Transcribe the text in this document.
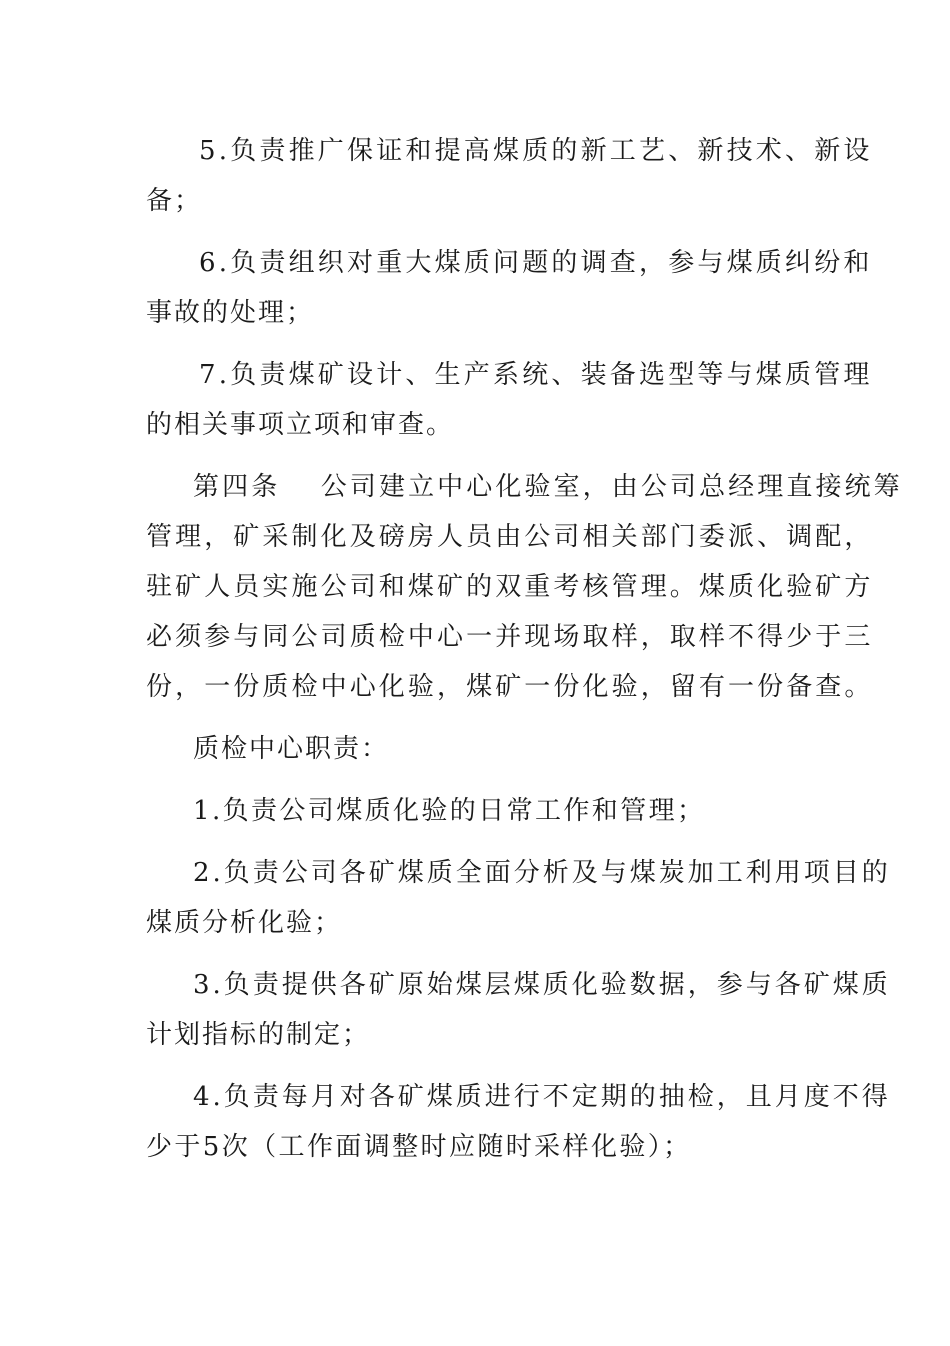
5.负责推广保证和提高煤质的新工艺、新技术、新设

备；

6.负责组织对重大煤质问题的调查，参与煤质纠纷和

事故的处理；

7.负责煤矿设计、生产系统、装备选型等与煤质管理

的相关事项立项和审查。

第四条　 公司建立中心化验室，由公司总经理直接统筹

管理，矿采制化及磅房人员由公司相关部门委派、调配，

驻矿人员实施公司和煤矿的双重考核管理。煤质化验矿方

必须参与同公司质检中心一并现场取样，取样不得少于三

份，一份质检中心化验，煤矿一份化验，留有一份备查。

质检中心职责：

1.负责公司煤质化验的日常工作和管理；

2.负责公司各矿煤质全面分析及与煤炭加工利用项目的

煤质分析化验；

3.负责提供各矿原始煤层煤质化验数据，参与各矿煤质

计划指标的制定；

4.负责每月对各矿煤质进行不定期的抽检，且月度不得

少于5次（工作面调整时应随时采样化验）；
